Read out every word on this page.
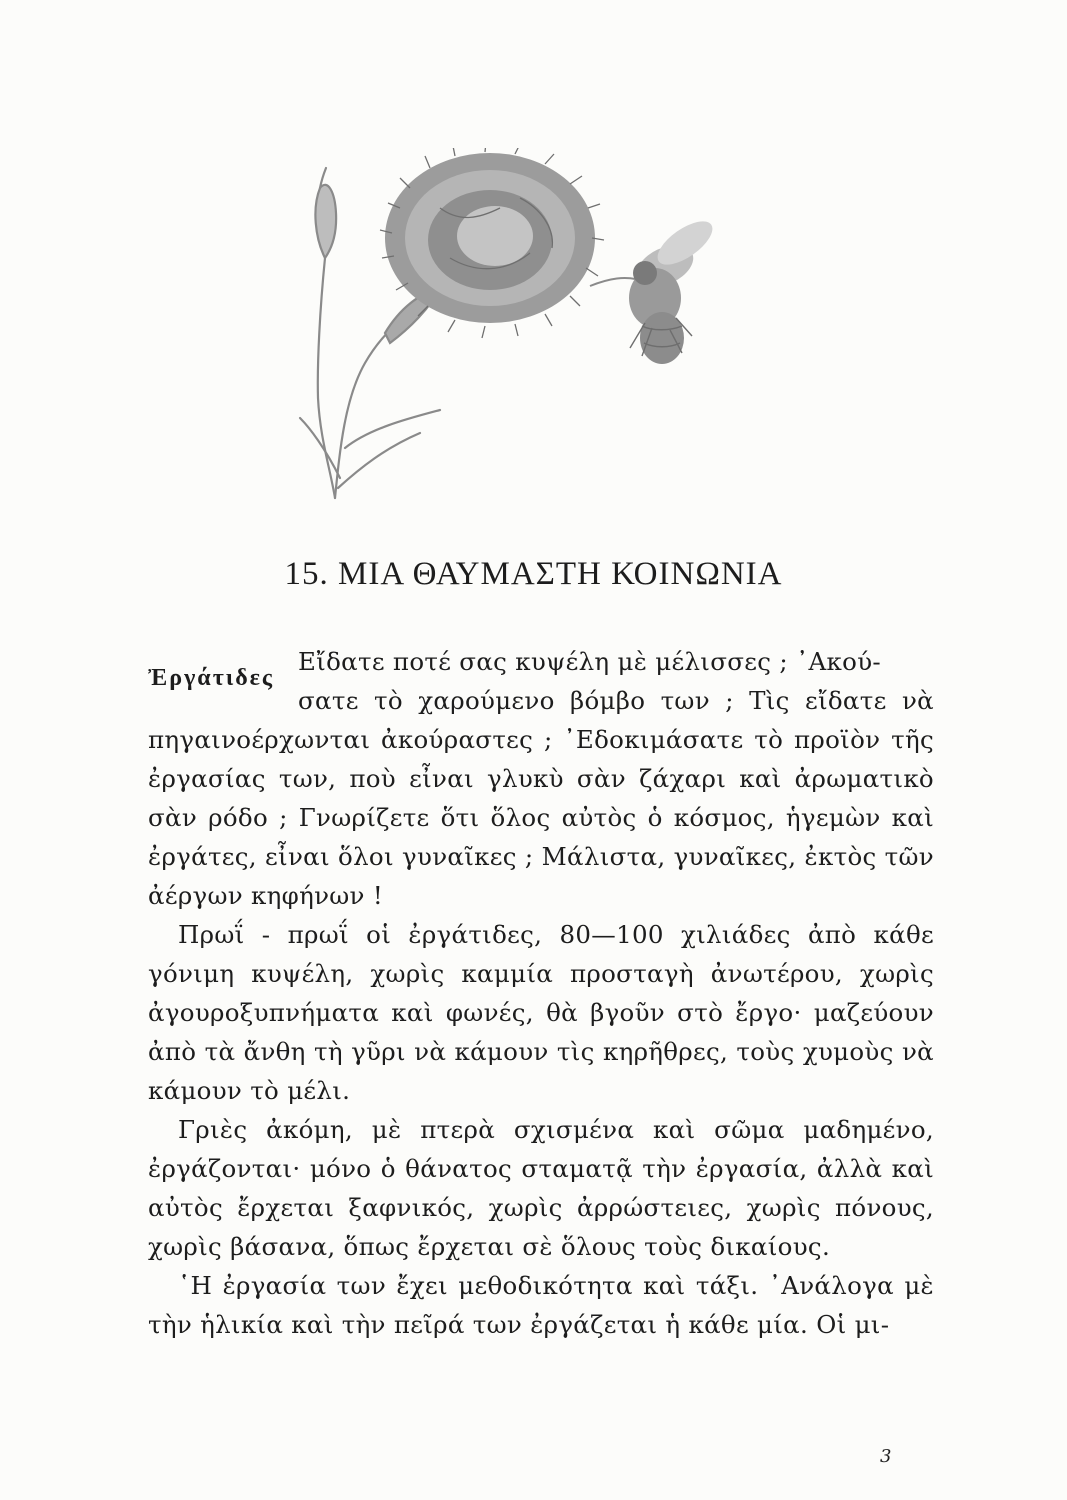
15. ΜΙΑ ΘΑΥΜΑΣΤΗ ΚΟΙΝΩΝΙΑ
Ἐργάτιδες

Εἴδατε ποτέ σας κυψέλη μὲ μέλισσες ; ᾿Ακού-
σατε τὸ χαρούμενο βόμβο των ; Τὶς εἴδατε νὰ πηγαινοέρχωνται ἀκούραστες ; ᾿Εδοκιμάσατε τὸ προϊὸν τῆς ἐργασίας των, ποὺ εἶναι γλυκὺ σὰν ζάχαρι καὶ ἀρωματικὸ σὰν ρόδο ; Γνωρίζετε ὅτι ὅλος αὐτὸς ὁ κόσμος, ἡγεμὼν καὶ ἐργάτες, εἶναι ὅλοι γυναῖκες ; Μάλιστα, γυναῖκες, ἐκτὸς τῶν ἀέργων κηφήνων !

Πρωΐ - πρωΐ οἱ ἐργάτιδες, 80—100 χιλιάδες ἀπὸ κάθε γόνιμη κυψέλη, χωρὶς καμμία προσταγὴ ἀνωτέρου, χωρὶς ἀγουροξυπνήματα καὶ φωνές, θὰ βγοῦν στὸ ἔργο· μαζεύουν ἀπὸ τὰ ἄνθη τὴ γῦρι νὰ κάμουν τὶς κηρῆθρες, τοὺς χυμοὺς νὰ κάμουν τὸ μέλι.

Γριὲς ἀκόμη, μὲ πτερὰ σχισμένα καὶ σῶμα μαδημένο, ἐργάζονται· μόνο ὁ θάνατος σταματᾷ τὴν ἐργασία, ἀλλὰ καὶ αὐτὸς ἔρχεται ξαφνικός, χωρὶς ἀρρώστειες, χωρὶς πόνους, χωρὶς βάσανα, ὅπως ἔρχεται σὲ ὅλους τοὺς δικαίους.

῾Η ἐργασία των ἔχει μεθοδικότητα καὶ τάξι. ᾿Ανάλογα μὲ τὴν ἡλικία καὶ τὴν πεῖρά των ἐργάζεται ἡ κάθε μία. Οἱ μι-

3
